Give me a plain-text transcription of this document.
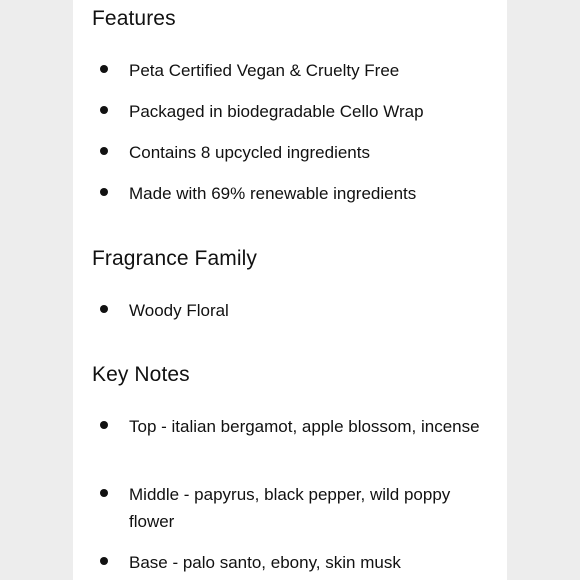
Features
Peta Certified Vegan & Cruelty Free
Packaged in biodegradable Cello Wrap
Contains 8 upcycled ingredients
Made with 69% renewable ingredients
Fragrance Family
Woody Floral
Key Notes
Top - italian bergamot, apple blossom, incense
Middle - papyrus, black pepper, wild poppy flower
Base - palo santo, ebony, skin musk
